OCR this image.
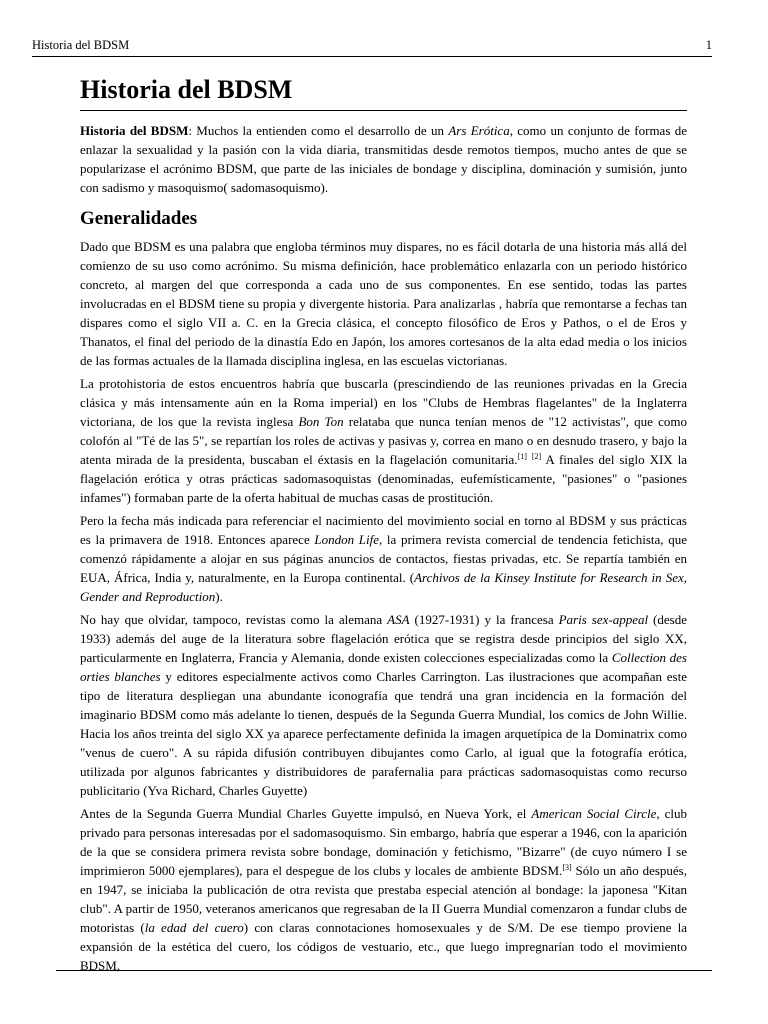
Historia del BDSM	1
Historia del BDSM

Historia del BDSM: Muchos la entienden como el desarrollo de un Ars Erótica, como un conjunto de formas de enlazar la sexualidad y la pasión con la vida diaria, transmitidas desde remotos tiempos, mucho antes de que se popularizase el acrónimo BDSM, que parte de las iniciales de bondage y disciplina, dominación y sumisión, junto con sadismo y masoquismo( sadomasoquismo).

Generalidades

Dado que BDSM es una palabra que engloba términos muy dispares, no es fácil dotarla de una historia más allá del comienzo de su uso como acrónimo. Su misma definición, hace problemático enlazarla con un periodo histórico concreto, al margen del que corresponda a cada uno de sus componentes. En ese sentido, todas las partes involucradas en el BDSM tiene su propia y divergente historia. Para analizarlas , habría que remontarse a fechas tan dispares como el siglo VII a. C. en la Grecia clásica, el concepto filosófico de Eros y Pathos, o el de Eros y Thanatos, el final del periodo de la dinastía Edo en Japón, los amores cortesanos de la alta edad media o los inicios de las formas actuales de la llamada disciplina inglesa, en las escuelas victorianas.

La protohistoria de estos encuentros habría que buscarla (prescindiendo de las reuniones privadas en la Grecia clásica y más intensamente aún en la Roma imperial) en los "Clubs de Hembras flagelantes" de la Inglaterra victoriana, de los que la revista inglesa Bon Ton relataba que nunca tenían menos de "12 activistas", que como colofón al "Té de las 5", se repartían los roles de activas y pasivas y, correa en mano o en desnudo trasero, y bajo la atenta mirada de la presidenta, buscaban el éxtasis en la flagelación comunitaria.[1] [2] A finales del siglo XIX la flagelación erótica y otras prácticas sadomasoquistas (denominadas, eufemísticamente, "pasiones" o "pasiones infames") formaban parte de la oferta habitual de muchas casas de prostitución.

Pero la fecha más indicada para referenciar el nacimiento del movimiento social en torno al BDSM y sus prácticas es la primavera de 1918. Entonces aparece London Life, la primera revista comercial de tendencia fetichista, que comenzó rápidamente a alojar en sus páginas anuncios de contactos, fiestas privadas, etc. Se repartía también en EUA, África, India y, naturalmente, en la Europa continental. (Archivos de la Kinsey Institute for Research in Sex, Gender and Reproduction).

No hay que olvidar, tampoco, revistas como la alemana ASA (1927-1931) y la francesa Paris sex-appeal (desde 1933) además del auge de la literatura sobre flagelación erótica que se registra desde principios del siglo XX, particularmente en Inglaterra, Francia y Alemania, donde existen colecciones especializadas como la Collection des orties blanches y editores especialmente activos como Charles Carrington. Las ilustraciones que acompañan este tipo de literatura despliegan una abundante iconografía que tendrá una gran incidencia en la formación del imaginario BDSM como más adelante lo tienen, después de la Segunda Guerra Mundial, los comics de John Willie. Hacia los años treinta del siglo XX ya aparece perfectamente definida la imagen arquetípica de la Dominatrix como "venus de cuero". A su rápida difusión contribuyen dibujantes como Carlo, al igual que la fotografía erótica, utilizada por algunos fabricantes y distribuidores de parafernalia para prácticas sadomasoquistas como recurso publicitario (Yva Richard, Charles Guyette)

Antes de la Segunda Guerra Mundial Charles Guyette impulsó, en Nueva York, el American Social Circle, club privado para personas interesadas por el sadomasoquismo. Sin embargo, habría que esperar a 1946, con la aparición de la que se considera primera revista sobre bondage, dominación y fetichismo, "Bizarre" (de cuyo número I se imprimieron 5000 ejemplares), para el despegue de los clubs y locales de ambiente BDSM.[3] Sólo un año después, en 1947, se iniciaba la publicación de otra revista que prestaba especial atención al bondage: la japonesa "Kitan club". A partir de 1950, veteranos americanos que regresaban de la II Guerra Mundial comenzaron a fundar clubs de motoristas (la edad del cuero) con claras connotaciones homosexuales y de S/M. De ese tiempo proviene la expansión de la estética del cuero, los códigos de vestuario, etc., que luego impregnarían todo el movimiento BDSM,
